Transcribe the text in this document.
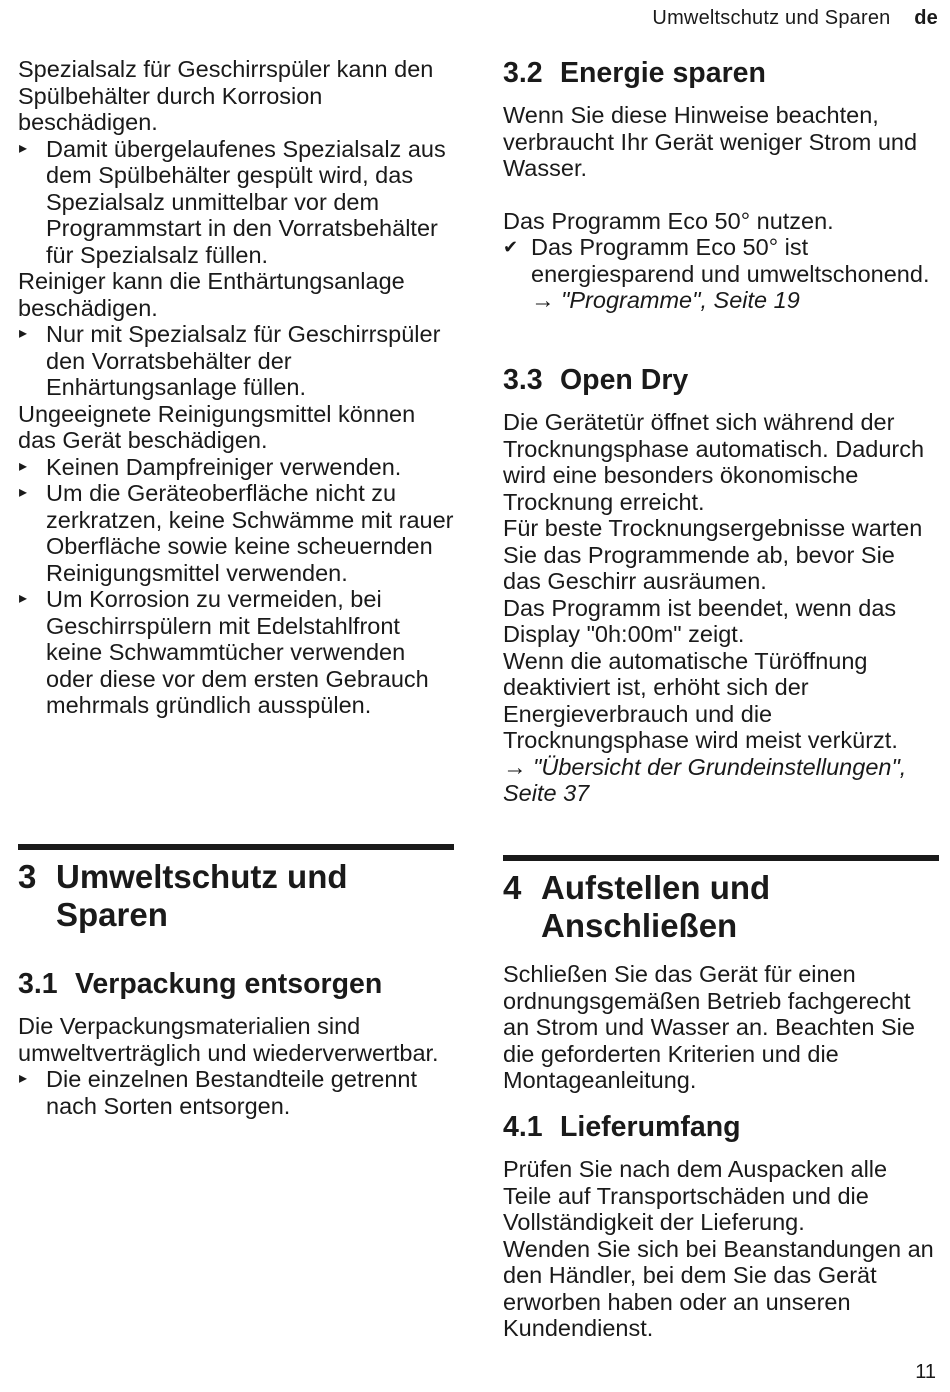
Umweltschutz und Sparen de

Spezialsalz für Geschirrspüler kann den Spülbehälter durch Korrosion beschädigen.

▸ Damit übergelaufenes Spezialsalz aus dem Spülbehälter gespült wird, das Spezialsalz unmittelbar vor dem Programmstart in den Vorratsbehälter für Spezialsalz füllen.

Reiniger kann die Enthärtungsanlage beschädigen.

▸ Nur mit Spezialsalz für Geschirrspüler den Vorratsbehälter der Enhärtungsanlage füllen.

Ungeeignete Reinigungsmittel können das Gerät beschädigen.

▸ Keinen Dampfreiniger verwenden.

▸ Um die Geräteoberfläche nicht zu zerkratzen, keine Schwämme mit rauer Oberfläche sowie keine scheuernden Reinigungsmittel verwenden.

▸ Um Korrosion zu vermeiden, bei Geschirrspülern mit Edelstahlfront keine Schwammtücher verwenden oder diese vor dem ersten Gebrauch mehrmals gründlich ausspülen.

3 Umweltschutz und Sparen
3.1 Verpackung entsorgen

Die Verpackungsmaterialien sind umweltverträglich und wiederverwertbar.

▸ Die einzelnen Bestandteile getrennt nach Sorten entsorgen.

3.2 Energie sparen

Wenn Sie diese Hinweise beachten, verbraucht Ihr Gerät weniger Strom und Wasser.

Das Programm Eco 50° nutzen.

✔ Das Programm Eco 50° ist energiesparend und umweltschonend.

→ "Programme", Seite 19

3.3 Open Dry

Die Gerätetür öffnet sich während der Trocknungsphase automatisch. Dadurch wird eine besonders ökonomische Trocknung erreicht.

Für beste Trocknungsergebnisse warten Sie das Programmende ab, bevor Sie das Geschirr ausräumen.

Das Programm ist beendet, wenn das Display "0h:00m" zeigt.

Wenn die automatische Türöffnung deaktiviert ist, erhöht sich der Energieverbrauch und die Trocknungsphase wird meist verkürzt.

→ "Übersicht der Grundeinstellungen", Seite 37

4 Aufstellen und Anschließen

Schließen Sie das Gerät für einen ordnungsgemäßen Betrieb fachgerecht an Strom und Wasser an. Beachten Sie die geforderten Kriterien und die Montageanleitung.

4.1 Lieferumfang

Prüfen Sie nach dem Auspacken alle Teile auf Transportschäden und die Vollständigkeit der Lieferung.

Wenden Sie sich bei Beanstandungen an den Händler, bei dem Sie das Gerät erworben haben oder an unseren Kundendienst.

11
